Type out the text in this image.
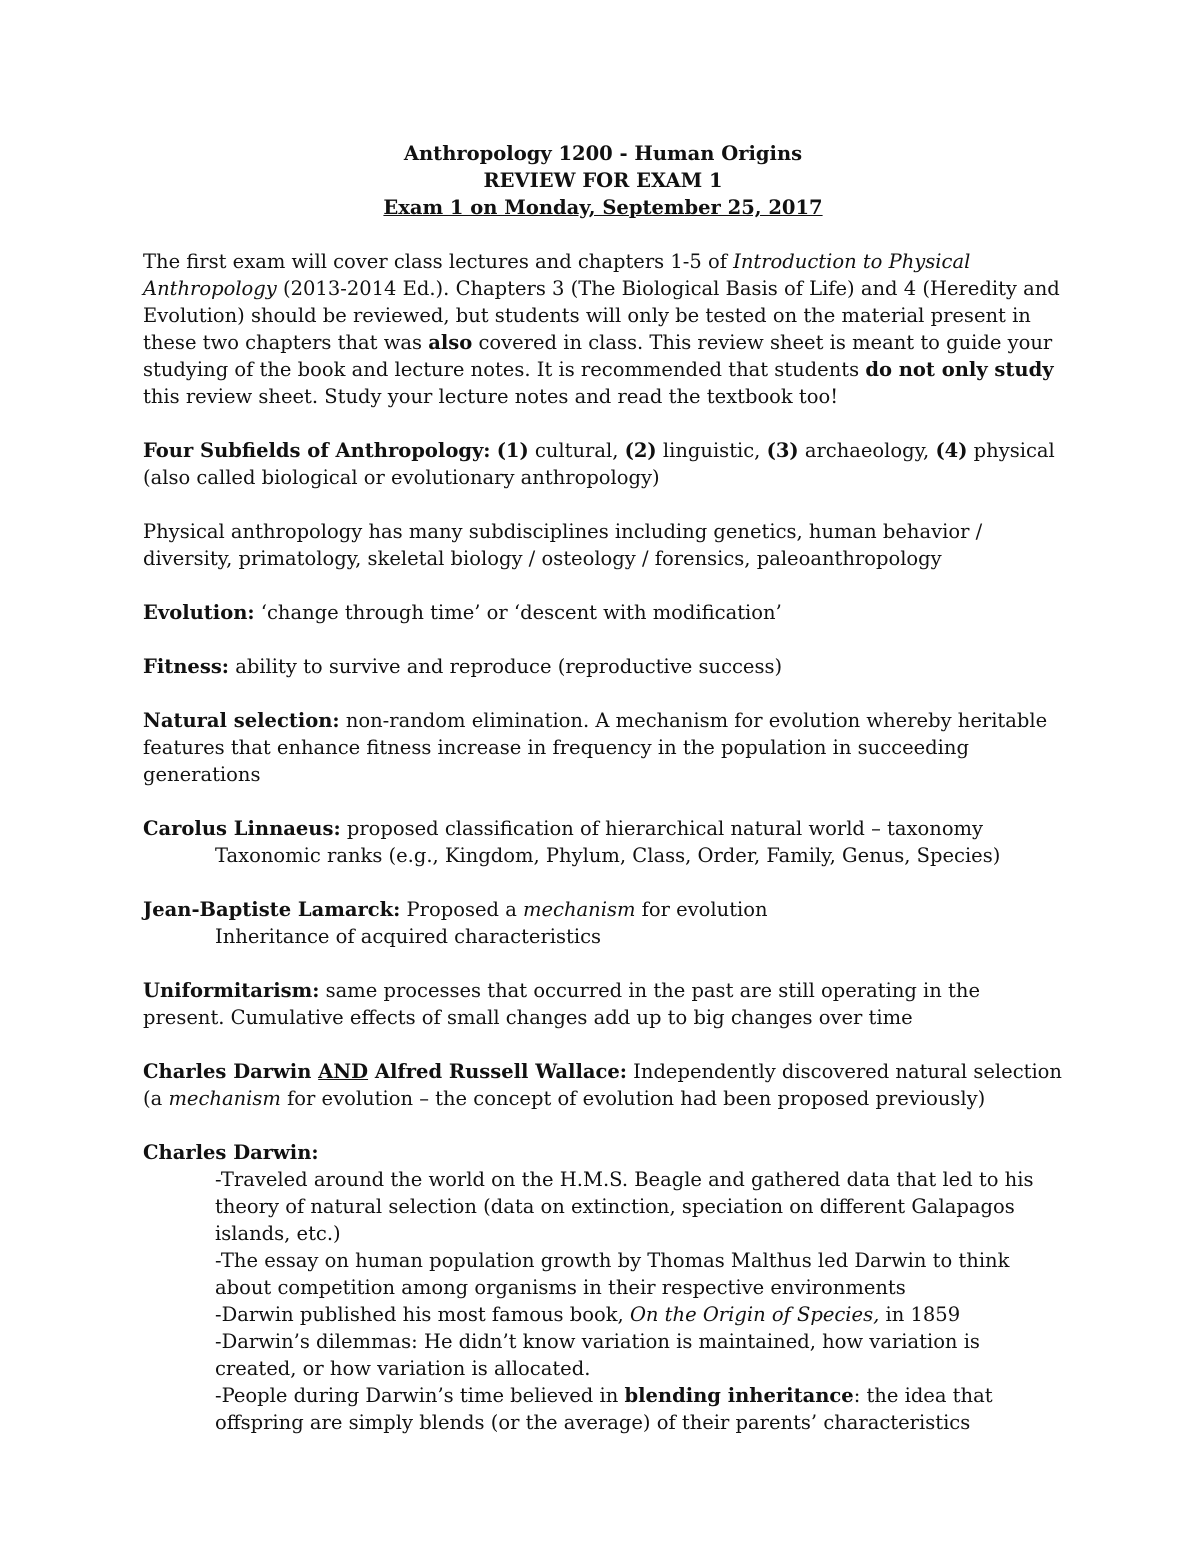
Anthropology 1200 - Human Origins
REVIEW FOR EXAM 1
Exam 1 on Monday, September 25, 2017

The first exam will cover class lectures and chapters 1-5 of Introduction to Physical Anthropology (2013-2014 Ed.). Chapters 3 (The Biological Basis of Life) and 4 (Heredity and Evolution) should be reviewed, but students will only be tested on the material present in these two chapters that was also covered in class. This review sheet is meant to guide your studying of the book and lecture notes. It is recommended that students do not only study this review sheet. Study your lecture notes and read the textbook too!

Four Subfields of Anthropology: (1) cultural, (2) linguistic, (3) archaeology, (4) physical (also called biological or evolutionary anthropology)

Physical anthropology has many subdisciplines including genetics, human behavior / diversity, primatology, skeletal biology / osteology / forensics, paleoanthropology

Evolution: ‘change through time’ or ‘descent with modification’

Fitness: ability to survive and reproduce (reproductive success)

Natural selection: non-random elimination. A mechanism for evolution whereby heritable features that enhance fitness increase in frequency in the population in succeeding generations

Carolus Linnaeus: proposed classification of hierarchical natural world – taxonomy
Taxonomic ranks (e.g., Kingdom, Phylum, Class, Order, Family, Genus, Species)

Jean-Baptiste Lamarck: Proposed a mechanism for evolution
Inheritance of acquired characteristics

Uniformitarism: same processes that occurred in the past are still operating in the present. Cumulative effects of small changes add up to big changes over time

Charles Darwin AND Alfred Russell Wallace: Independently discovered natural selection (a mechanism for evolution – the concept of evolution had been proposed previously)

Charles Darwin:
-Traveled around the world on the H.M.S. Beagle and gathered data that led to his theory of natural selection (data on extinction, speciation on different Galapagos islands, etc.)
-The essay on human population growth by Thomas Malthus led Darwin to think about competition among organisms in their respective environments
-Darwin published his most famous book, On the Origin of Species, in 1859
-Darwin’s dilemmas: He didn’t know variation is maintained, how variation is created, or how variation is allocated.
-People during Darwin’s time believed in blending inheritance: the idea that offspring are simply blends (or the average) of their parents’ characteristics
